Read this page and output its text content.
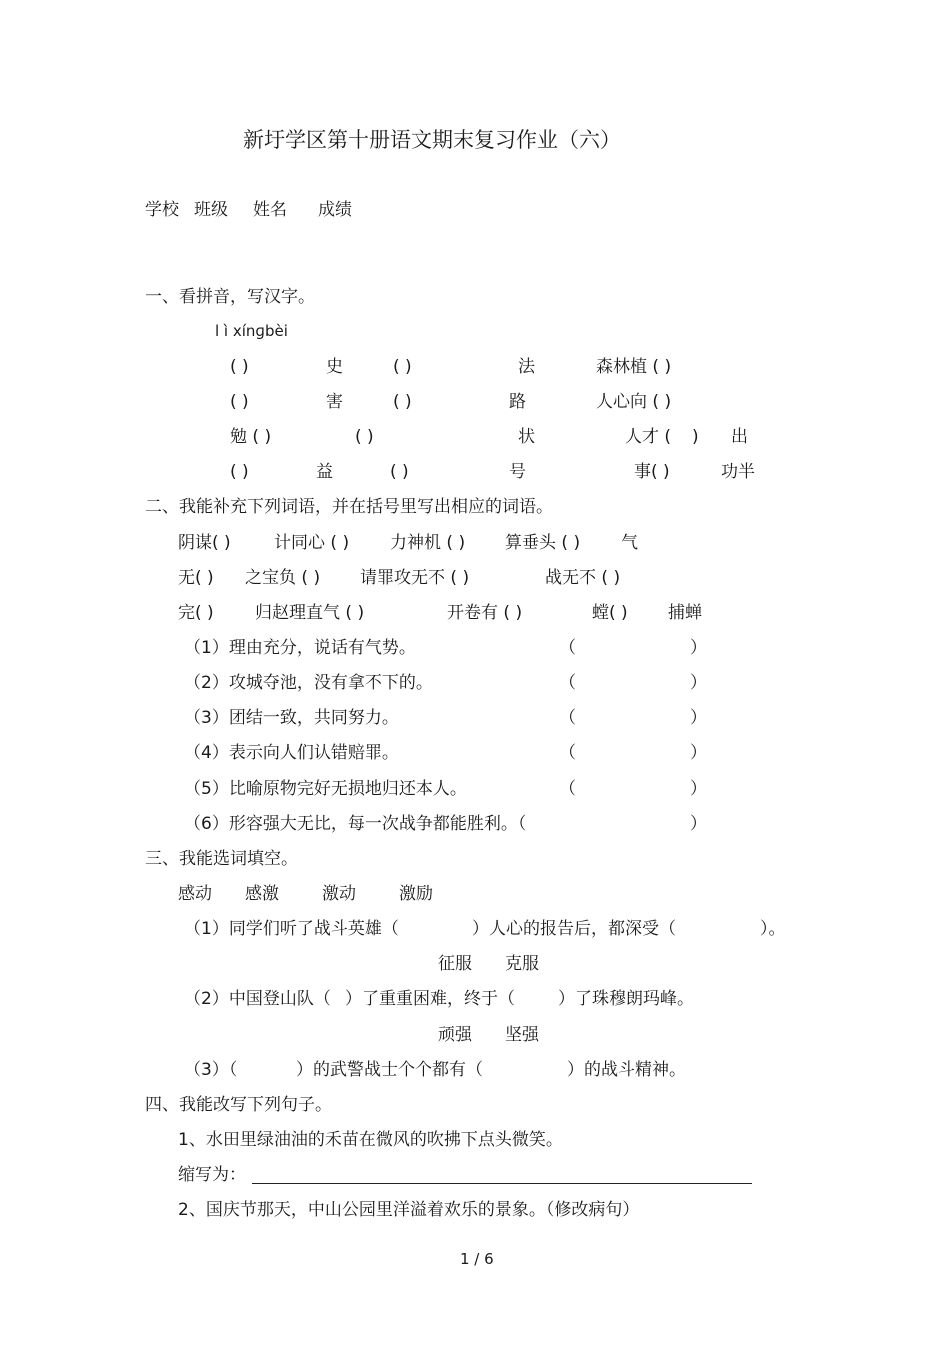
新圩学区第十册语文期末复习作业（六）
学校 班级 姓名 成绩
一、看拼音，写汉字。
l ì xínɡbèi
( )	史	( )	法	森林植 ( )
( )	害	( )	路	人心向 ( )
勉 ( )	( )	状	人才 ( ) 出
( )	益	( )	号	事( )	功半
二、我能补充下列词语，并在括号里写出相应的词语。
阴谋( )	计同心 ( ) 力神机 ( ) 算垂头 ( ) 气
无( ) 之宝负 ( ) 请罪攻无不 ( )	战无不 ( )
完( ) 归赵理直气 ( )	开卷有 ( )	螳( ) 捕蝉
（1）理由充分，说话有气势。	（	）
（2）攻城夺池，没有拿不下的。	（	）
（3）团结一致，共同努力。	（	）
（4）表示向人们认错赔罪。	（	）
（5）比喻原物完好无损地归还本人。	（	）
（6）形容强大无比，每一次战争都能胜利。（	）
三、我能选词填空。
感动 感激	激动	激励
（1）同学们听了战斗英雄（	）人心的报告后，都深受（	）。
征服 克服
（2）中国登山队（ ）了重重困难，终于（	）了珠穆朗玛峰。
顽强 坚强
（3）（	）的武警战士个个都有（	）的战斗精神。
四、我能改写下列句子。
1、水田里绿油油的禾苗在微风的吹拂下点头微笑。
缩写为：
2、国庆节那天，中山公园里洋溢着欢乐的景象。（修改病句）
1 / 6
